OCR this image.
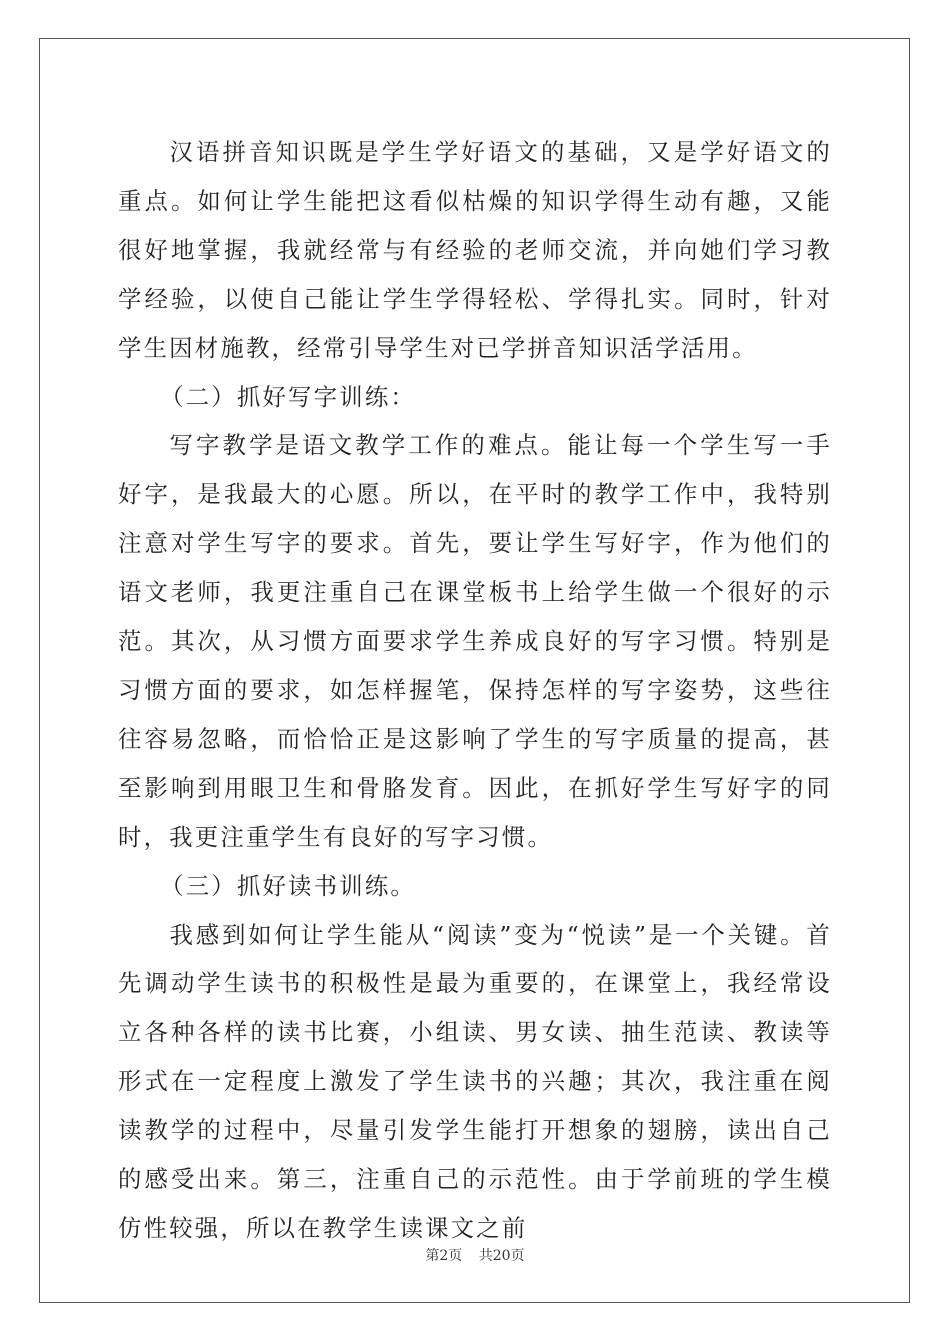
汉语拼音知识既是学生学好语文的基础，又是学好语文的重点。如何让学生能把这看似枯燥的知识学得生动有趣，又能很好地掌握，我就经常与有经验的老师交流，并向她们学习教学经验，以使自己能让学生学得轻松、学得扎实。同时，针对学生因材施教，经常引导学生对已学拼音知识活学活用。

（二）抓好写字训练：

写字教学是语文教学工作的难点。能让每一个学生写一手好字，是我最大的心愿。所以，在平时的教学工作中，我特别注意对学生写字的要求。首先，要让学生写好字，作为他们的语文老师，我更注重自己在课堂板书上给学生做一个很好的示范。其次，从习惯方面要求学生养成良好的写字习惯。特别是习惯方面的要求，如怎样握笔，保持怎样的写字姿势，这些往往容易忽略，而恰恰正是这影响了学生的写字质量的提高，甚至影响到用眼卫生和骨胳发育。因此，在抓好学生写好字的同时，我更注重学生有良好的写字习惯。

（三）抓好读书训练。

我感到如何让学生能从“阅读”变为“悦读”是一个关键。首先调动学生读书的积极性是最为重要的，在课堂上，我经常设立各种各样的读书比赛，小组读、男女读、抽生范读、教读等形式在一定程度上激发了学生读书的兴趣；其次，我注重在阅读教学的过程中，尽量引发学生能打开想象的翅膀，读出自己的感受出来。第三，注重自己的示范性。由于学前班的学生模仿性较强，所以在教学生读课文之前

第2页 共20页
